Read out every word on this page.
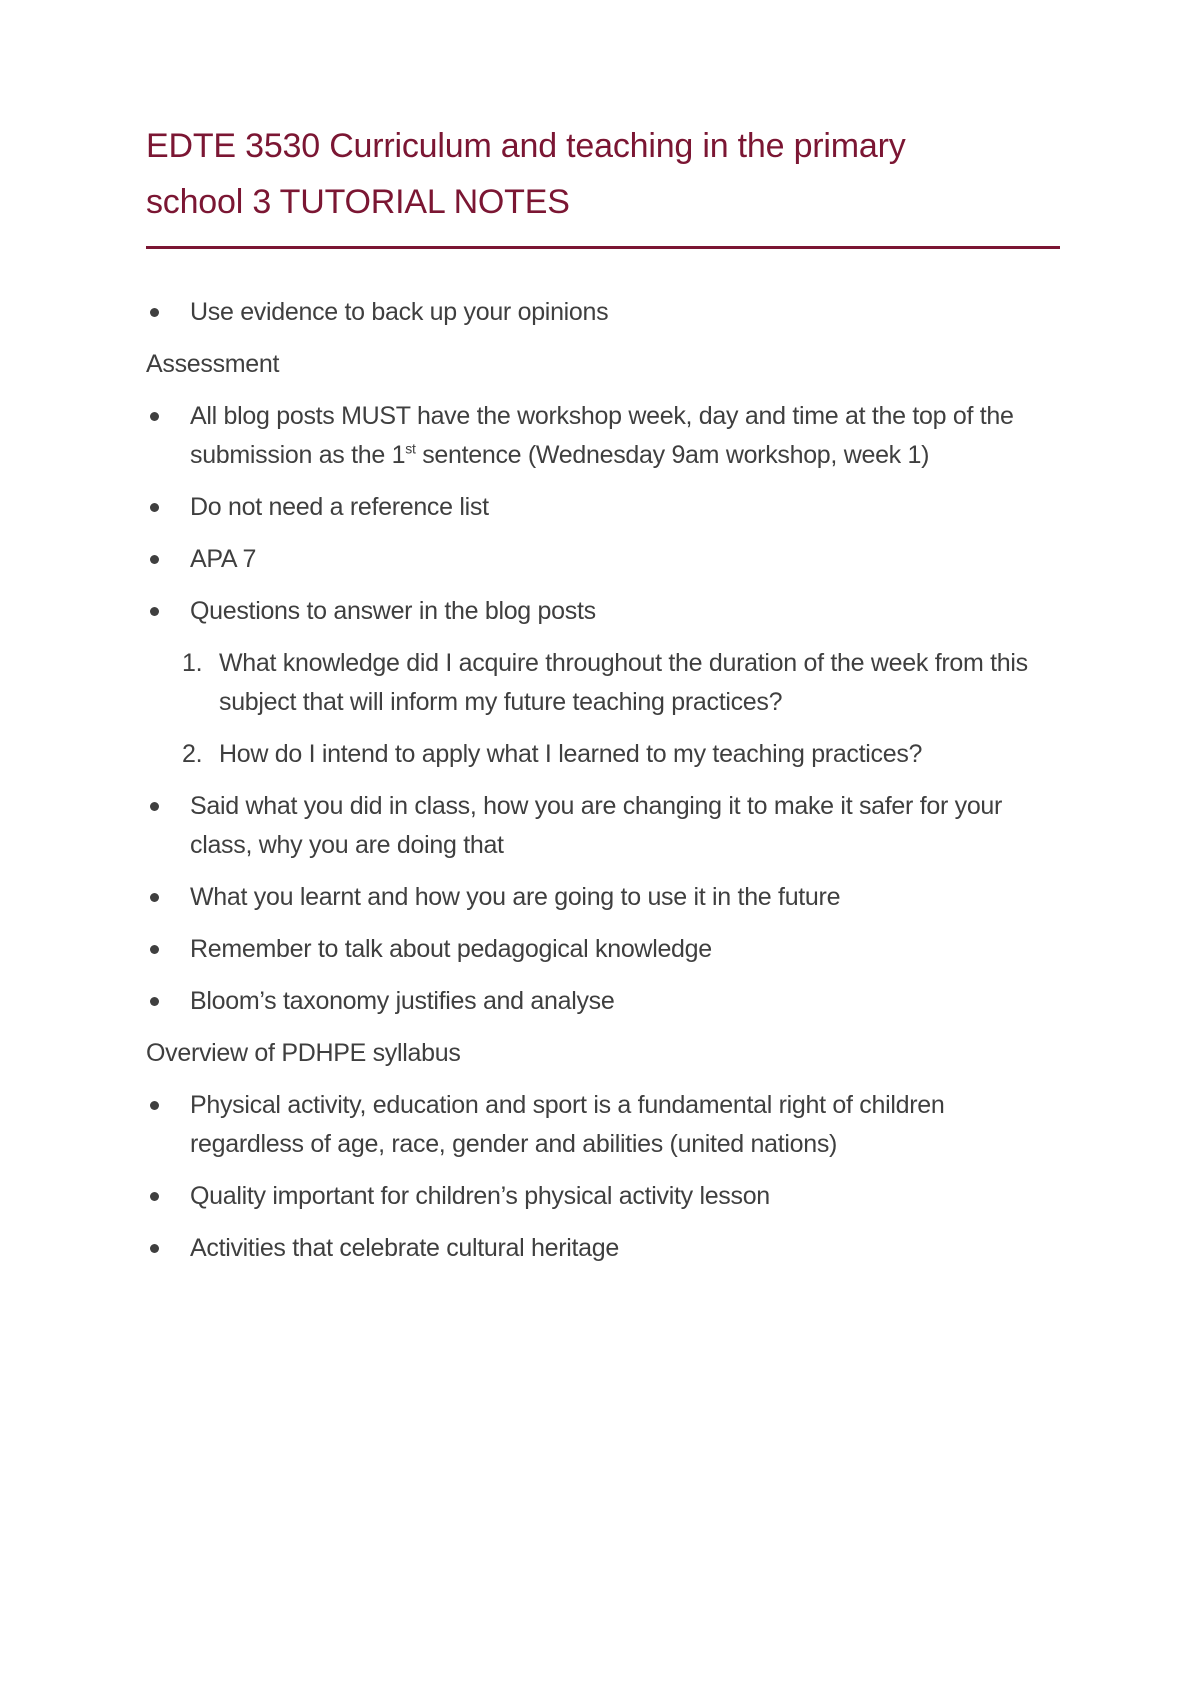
EDTE 3530 Curriculum and teaching in the primary
school 3 TUTORIAL NOTES
Use evidence to back up your opinions
Assessment
All blog posts MUST have the workshop week, day and time at the top of the submission as the 1st sentence (Wednesday 9am workshop, week 1)
Do not need a reference list
APA 7
Questions to answer in the blog posts
1. What knowledge did I acquire throughout the duration of the week from this subject that will inform my future teaching practices?
2. How do I intend to apply what I learned to my teaching practices?
Said what you did in class, how you are changing it to make it safer for your class, why you are doing that
What you learnt and how you are going to use it in the future
Remember to talk about pedagogical knowledge
Bloom’s taxonomy justifies and analyse
Overview of PDHPE syllabus
Physical activity, education and sport is a fundamental right of children regardless of age, race, gender and abilities (united nations)
Quality important for children’s physical activity lesson
Activities that celebrate cultural heritage
